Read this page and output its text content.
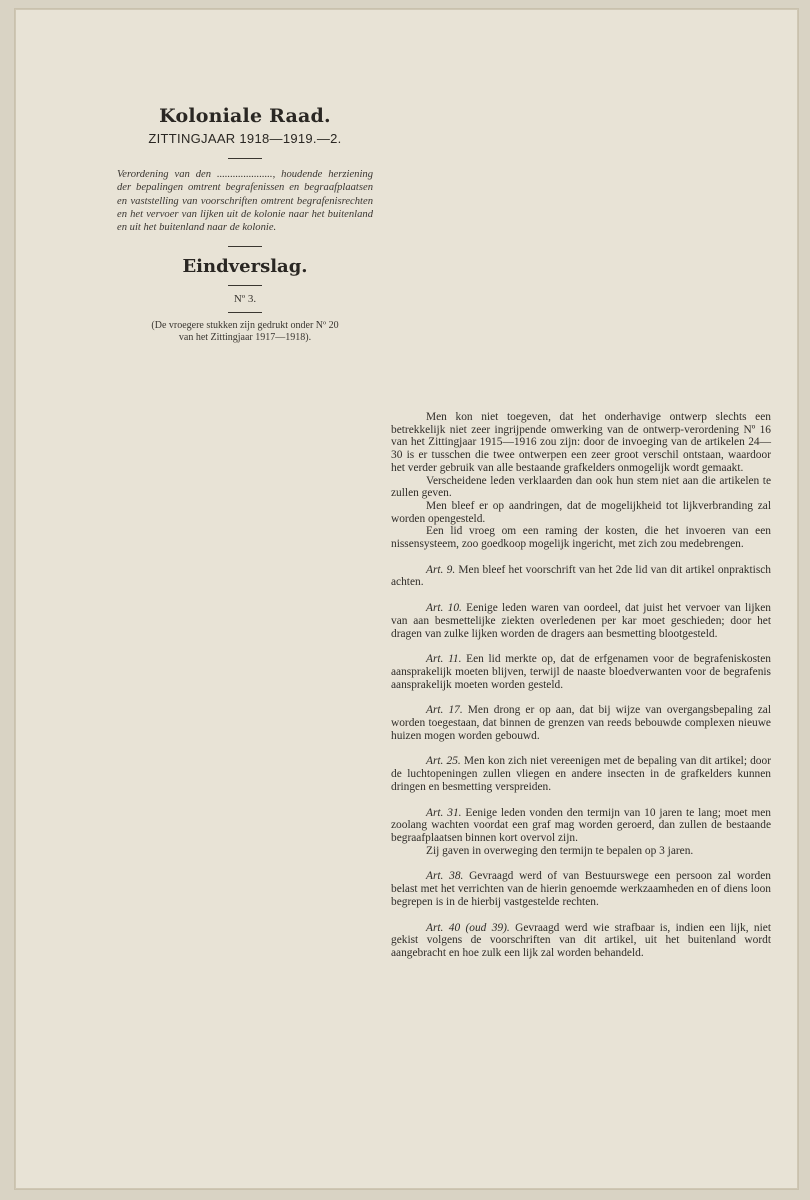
Koloniale Raad.
ZITTINGJAAR 1918—1919.—2.

Verordening van den ....................., houdende herziening der bepalingen omtrent begrafenissen en begraafplaatsen en vaststelling van voorschriften omtrent begrafenisrechten en het vervoer van lijken uit de kolonie naar het buitenland en uit het buitenland naar de kolonie.

Eindverslag.
Nº 3.
(De vroegere stukken zijn gedrukt onder Nº 20
van het Zittingjaar 1917—1918).

Men kon niet toegeven, dat het onderhavige ontwerp slechts een betrekkelijk niet zeer ingrijpende omwerking van de ontwerp-verordening Nº 16 van het Zittingjaar 1915—1916 zou zijn: door de invoeging van de artikelen 24—30 is er tusschen die twee ontwerpen een zeer groot verschil ontstaan, waardoor het verder gebruik van alle bestaande grafkelders onmogelijk wordt gemaakt.

Verscheidene leden verklaarden dan ook hun stem niet aan die artikelen te zullen geven.

Men bleef er op aandringen, dat de mogelijkheid tot lijkverbranding zal worden opengesteld.

Een lid vroeg om een raming der kosten, die het invoeren van een nissensysteem, zoo goedkoop mogelijk ingericht, met zich zou medebrengen.

Art. 9. Men bleef het voorschrift van het 2de lid van dit artikel onpraktisch achten.

Art. 10. Eenige leden waren van oordeel, dat juist het vervoer van lijken van aan besmettelijke ziekten overledenen per kar moet geschieden; door het dragen van zulke lijken worden de dragers aan besmetting blootgesteld.

Art. 11. Een lid merkte op, dat de erfgenamen voor de begrafeniskosten aansprakelijk moeten blijven, terwijl de naaste bloedverwanten voor de begrafenis aansprakelijk moeten worden gesteld.

Art. 17. Men drong er op aan, dat bij wijze van overgangsbepaling zal worden toegestaan, dat binnen de grenzen van reeds bebouwde complexen nieuwe huizen mogen worden gebouwd.

Art. 25. Men kon zich niet vereenigen met de bepaling van dit artikel; door de luchtopeningen zullen vliegen en andere insecten in de grafkelders kunnen dringen en besmetting verspreiden.

Art. 31. Eenige leden vonden den termijn van 10 jaren te lang; moet men zoolang wachten voordat een graf mag worden geroerd, dan zullen de bestaande begraafplaatsen binnen kort overvol zijn.

Zij gaven in overweging den termijn te bepalen op 3 jaren.

Art. 38. Gevraagd werd of van Bestuurswege een persoon zal worden belast met het verrichten van de hierin genoemde werkzaamheden en of diens loon begrepen is in de hierbij vastgestelde rechten.

Art. 40 (oud 39). Gevraagd werd wie strafbaar is, indien een lijk, niet gekist volgens de voorschriften van dit artikel, uit het buitenland wordt aangebracht en hoe zulk een lijk zal worden behandeld.
